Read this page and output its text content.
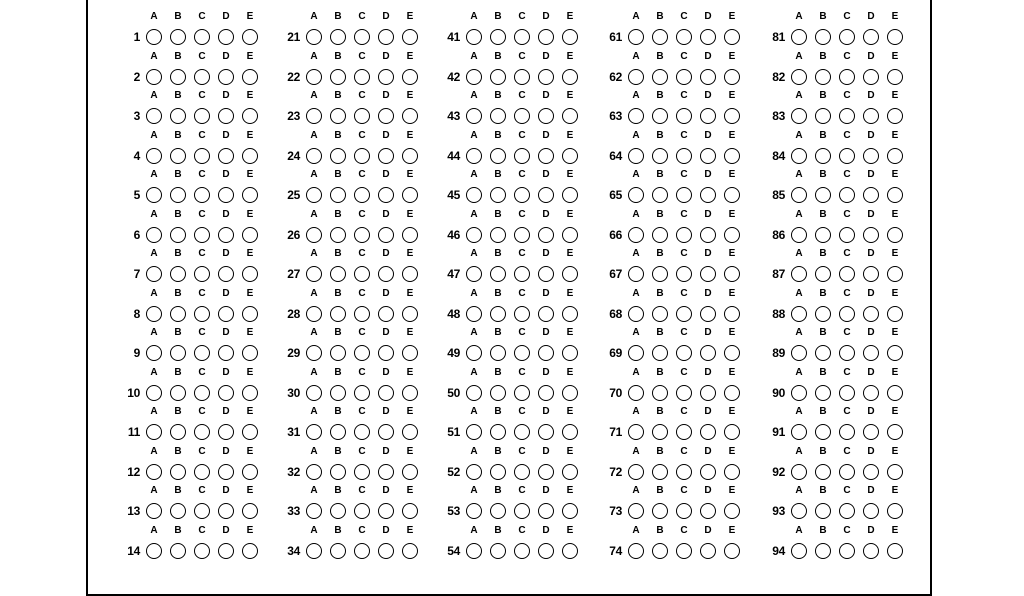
1
A	B	C	D	E
2
A	B	C	D	E
3
A	B	C	D	E
4
A	B	C	D	E
5
A	B	C	D	E
6
A	B	C	D	E
7
A	B	C	D	E
8
A	B	C	D	E
9
A	B	C	D	E
10
A	B	C	D	E
11
A	B	C	D	E
12
A	B	C	D	E
13
A	B	C	D	E
14
A	B	C	D	E
21
A	B	C	D	E
22
A	B	C	D	E
23
A	B	C	D	E
24
A	B	C	D	E
25
A	B	C	D	E
26
A	B	C	D	E
27
A	B	C	D	E
28
A	B	C	D	E
29
A	B	C	D	E
30
A	B	C	D	E
31
A	B	C	D	E
32
A	B	C	D	E
33
A	B	C	D	E
34
A	B	C	D	E
41
A	B	C	D	E
42
A	B	C	D	E
43
A	B	C	D	E
44
A	B	C	D	E
45
A	B	C	D	E
46
A	B	C	D	E
47
A	B	C	D	E
48
A	B	C	D	E
49
A	B	C	D	E
50
A	B	C	D	E
51
A	B	C	D	E
52
A	B	C	D	E
53
A	B	C	D	E
54
A	B	C	D	E
61
A	B	C	D	E
62
A	B	C	D	E
63
A	B	C	D	E
64
A	B	C	D	E
65
A	B	C	D	E
66
A	B	C	D	E
67
A	B	C	D	E
68
A	B	C	D	E
69
A	B	C	D	E
70
A	B	C	D	E
71
A	B	C	D	E
72
A	B	C	D	E
73
A	B	C	D	E
74
A	B	C	D	E
81
A	B	C	D	E
82
A	B	C	D	E
83
A	B	C	D	E
84
A	B	C	D	E
85
A	B	C	D	E
86
A	B	C	D	E
87
A	B	C	D	E
88
A	B	C	D	E
89
A	B	C	D	E
90
A	B	C	D	E
91
A	B	C	D	E
92
A	B	C	D	E
93
A	B	C	D	E
94
A	B	C	D	E
